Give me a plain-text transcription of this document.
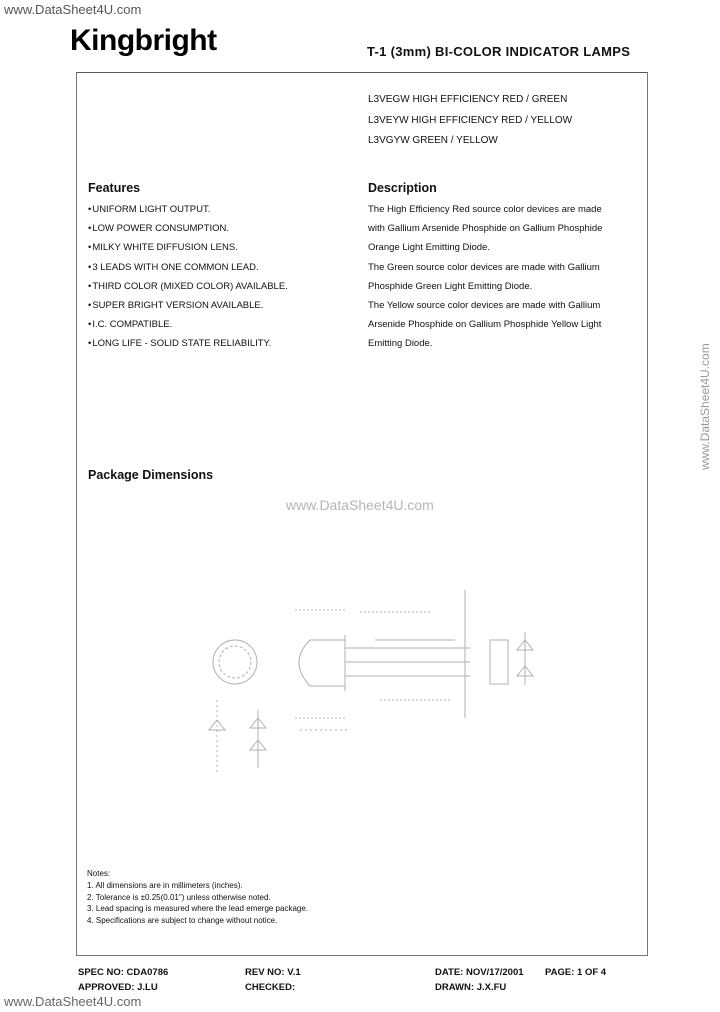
www.DataSheet4U.com
Kingbright	T-1 (3mm) BI-COLOR INDICATOR LAMPS
L3VEGW HIGH EFFICIENCY RED / GREEN
L3VEYW HIGH EFFICIENCY RED / YELLOW
L3VGYW GREEN / YELLOW
Features
• UNIFORM LIGHT OUTPUT.
• LOW POWER CONSUMPTION.
• MILKY WHITE DIFFUSION LENS.
• 3 LEADS WITH ONE COMMON LEAD.
• THIRD COLOR (MIXED COLOR) AVAILABLE.
• SUPER BRIGHT VERSION AVAILABLE.
• I.C. COMPATIBLE.
• LONG LIFE - SOLID STATE RELIABILITY.
Description

The High Efficiency Red source color devices are made

with Gallium Arsenide Phosphide on Gallium Phosphide

Orange Light Emitting Diode.

The Green source color devices are made with Gallium

Phosphide Green Light Emitting Diode.

The Yellow source color devices are made with Gallium

Arsenide Phosphide on Gallium Phosphide Yellow Light

Emitting Diode.

Package Dimensions
www.DataSheet4U.com

Notes:

1. All dimensions are in millimeters (inches).

2. Tolerance is ±0.25(0.01") unless otherwise noted.

3. Lead spacing is measured where the lead emerge package.

4. Specifications are subject to change without notice.

SPEC NO: CDA0786	REV NO: V.1	DATE: NOV/17/2001 PAGE: 1 OF 4
APPROVED: J.LU	CHECKED:	DRAWN: J.X.FU
www.DataSheet4U.com
www.DataSheet4U.com
